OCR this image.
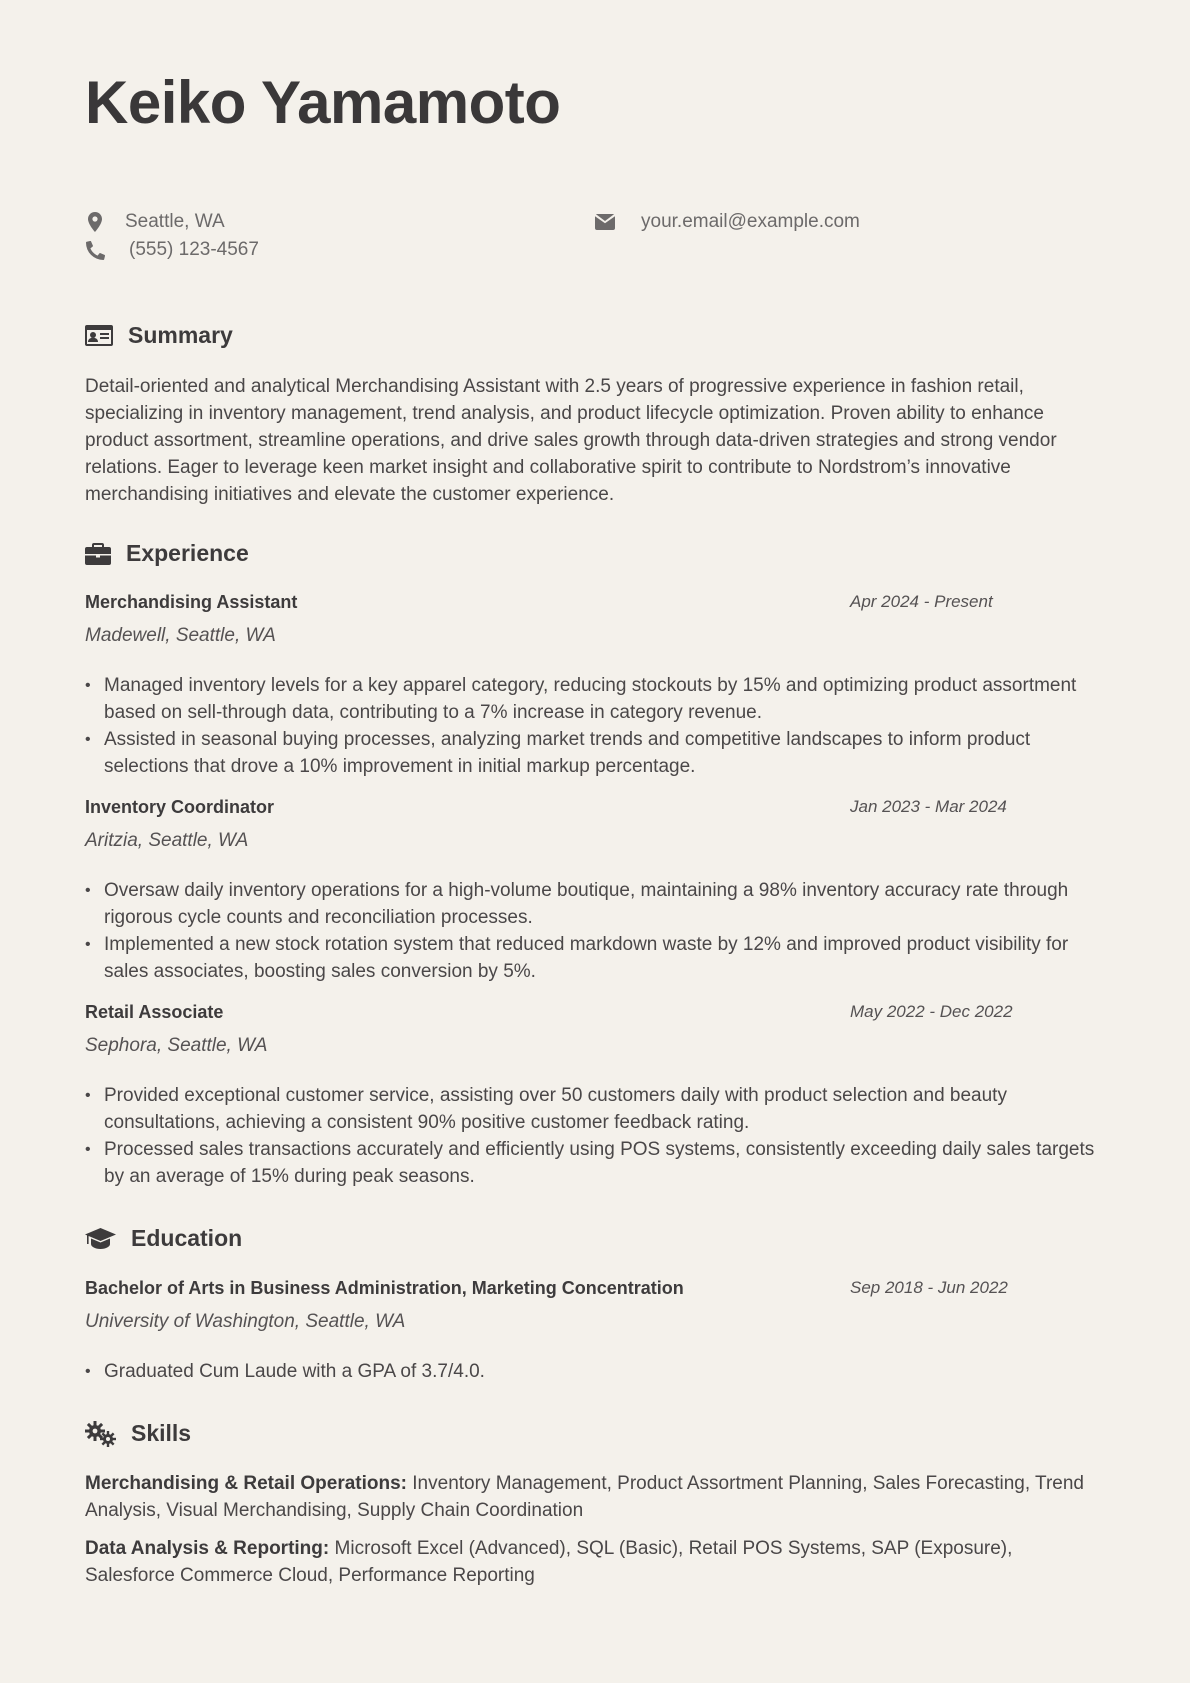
Keiko Yamamoto
Seattle, WA	your.email@example.com
(555) 123-4567
Summary

Detail-oriented and analytical Merchandising Assistant with 2.5 years of progressive experience in fashion retail, specializing in inventory management, trend analysis, and product lifecycle optimization. Proven ability to enhance product assortment, streamline operations, and drive sales growth through data-driven strategies and strong vendor relations. Eager to leverage keen market insight and collaborative spirit to contribute to Nordstrom’s innovative merchandising initiatives and elevate the customer experience.

Experience
Merchandising Assistant	Apr 2024 - Present
Madewell, Seattle, WA
• Managed inventory levels for a key apparel category, reducing stockouts by 15% and optimizing product assortment based on sell-through data, contributing to a 7% increase in category revenue.
• Assisted in seasonal buying processes, analyzing market trends and competitive landscapes to inform product selections that drove a 10% improvement in initial markup percentage.
Inventory Coordinator	Jan 2023 - Mar 2024
Aritzia, Seattle, WA
• Oversaw daily inventory operations for a high-volume boutique, maintaining a 98% inventory accuracy rate through rigorous cycle counts and reconciliation processes.
• Implemented a new stock rotation system that reduced markdown waste by 12% and improved product visibility for sales associates, boosting sales conversion by 5%.
Retail Associate	May 2022 - Dec 2022
Sephora, Seattle, WA
• Provided exceptional customer service, assisting over 50 customers daily with product selection and beauty consultations, achieving a consistent 90% positive customer feedback rating.
• Processed sales transactions accurately and efficiently using POS systems, consistently exceeding daily sales targets by an average of 15% during peak seasons.
Education
Bachelor of Arts in Business Administration, Marketing Concentration	Sep 2018 - Jun 2022
University of Washington, Seattle, WA
• Graduated Cum Laude with a GPA of 3.7/4.0.
Skills

Merchandising & Retail Operations: Inventory Management, Product Assortment Planning, Sales Forecasting, Trend Analysis, Visual Merchandising, Supply Chain Coordination

Data Analysis & Reporting: Microsoft Excel (Advanced), SQL (Basic), Retail POS Systems, SAP (Exposure), Salesforce Commerce Cloud, Performance Reporting
